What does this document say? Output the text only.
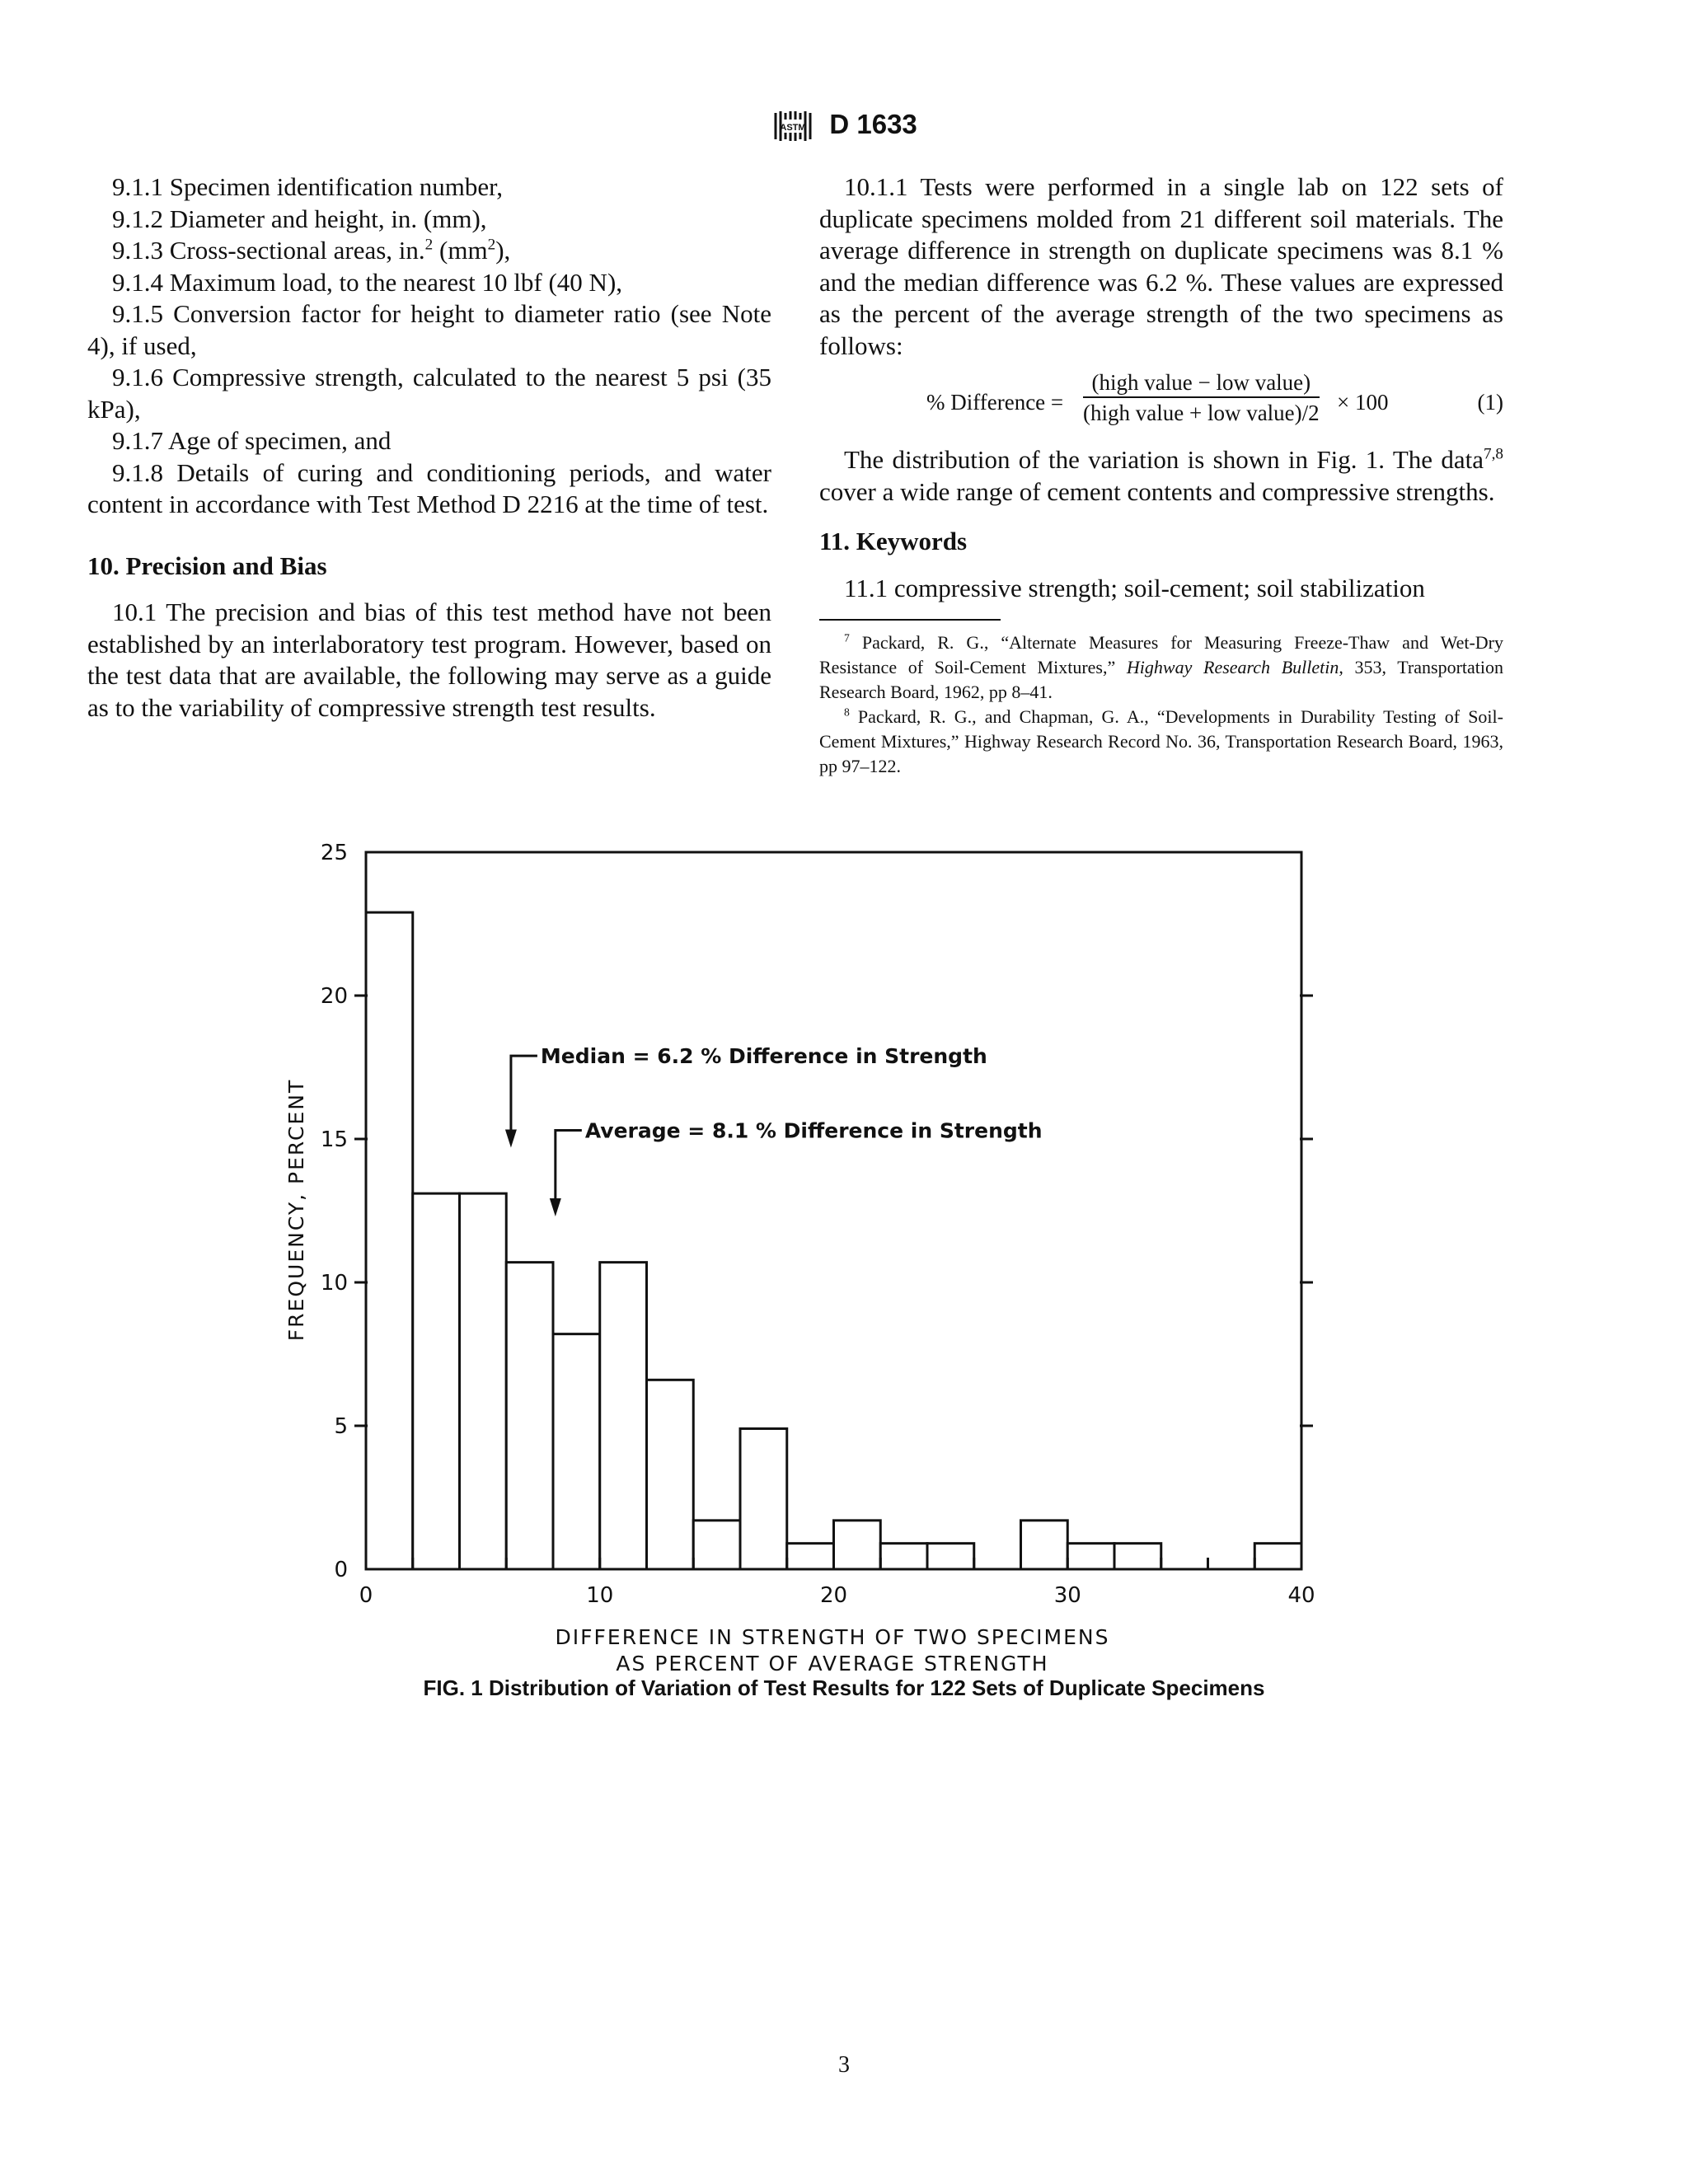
ASTM D 1633

9.1.1 Specimen identification number,

9.1.2 Diameter and height, in. (mm),

9.1.3 Cross-sectional areas, in.$^2$ $(mm^2)$,

9.1.4 Maximum load, to the nearest 10 lbf (40 N),

9.1.5 Conversion factor for height to diameter ratio (see Note 4), if used,

9.1.6 Compressive strength, calculated to the nearest 5 psi (35 kPa),

9.1.7 Age of specimen, and

9.1.8 Details of curing and conditioning periods, and water content in accordance with Test Method D 2216 at the time of test.

10. Precision and Bias

10.1 The precision and bias of this test method have not been established by an interlaboratory test program. However, based on the test data that are available, the following may serve as a guide as to the variability of compressive strength test results.

10.1.1 Tests were performed in a single lab on 122 sets of duplicate specimens molded from 21 different soil materials. The average difference in strength on duplicate specimens was 8.1 % and the median difference was 6.2 %. These values are expressed as the percent of the average strength of the two specimens as follows:

% Difference =
(high value − low value)
(high value + low value)/2 × 100	(1)

The distribution of the variation is shown in Fig. 1. The data$^{7,8}$ cover a wide range of cement contents and compressive strengths.

11. Keywords

11.1 compressive strength; soil-cement; soil stabilization

$^7$ Packard, R. G., “Alternate Measures for Measuring Freeze-Thaw and Wet-Dry Resistance of Soil-Cement Mixtures,” Highway Research Bulletin, 353, Transportation Research Board, 1962, pp 8–41.

$^8$ Packard, R. G., and Chapman, G. A., “Developments in Durability Testing of Soil-Cement Mixtures,” Highway Research Record No. 36, Transportation Research Board, 1963, pp 97–122.

0	10	20	30	40
0
5
10
15
20
25
Median = 6.2 % Difference in Strength
Average = 8.1 % Difference in Strength
FREQUENCY, PERCENT
DIFFERENCE IN STRENGTH OF TWO SPECIMENS
AS PERCENT OF AVERAGE STRENGTH
FIG. 1 Distribution of Variation of Test Results for 122 Sets of Duplicate Specimens
3
